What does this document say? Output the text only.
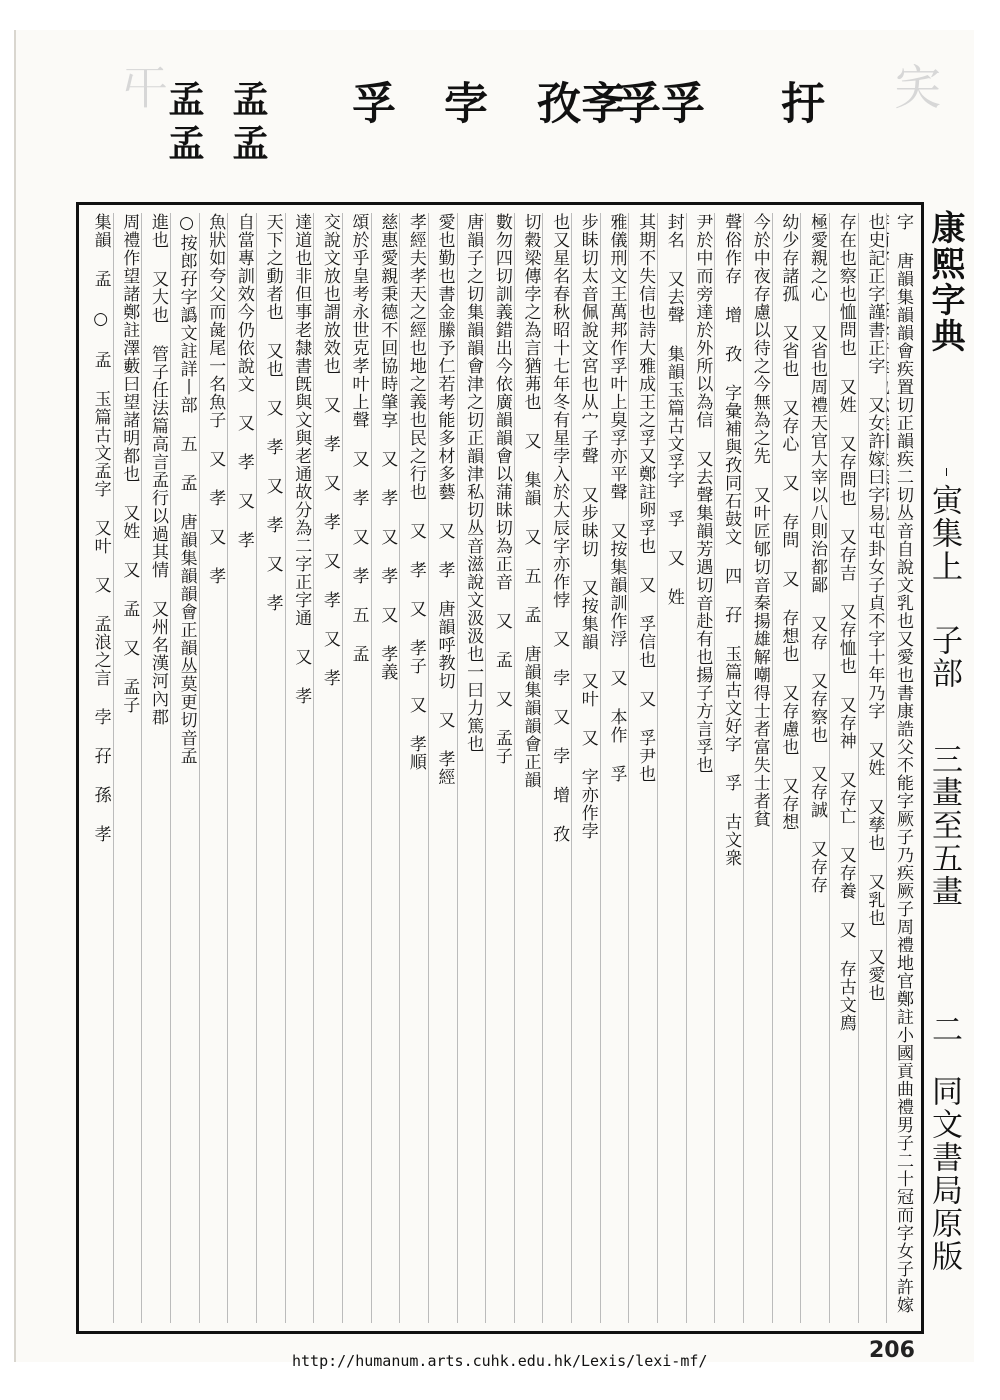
𡕒	宎
孟孟 孟孟 孚 孛	斈孜	孚孚	扜
字 唐韻集韻韻會疾置切正韻疾二切丛音自說文乳也又愛也書康誥父不能字厥子乃疾厥子周禮地官鄭註小國貢曲禮男子二十冠而字女子許嫁
也史記正字謹書正字 又女許嫁曰字易屯卦女子貞不字十年乃字 又姓 又孳也 又乳也 又愛也
存在也察也恤問也 又姓 又存問也 又存吉 又存恤也 又存神 又存亡 又存養 又 存古文廌
極愛親之心 又省也周禮天官大宰以八則治都鄙 又存 又存察也 又存誠 又存存
幼少存諸孤 又省也 又存心 又 存問 又 存想也 又存慮也 又存想
今於中夜存慮以待之今無為之先 又叶匠郇切音秦揚雄解嘲得士者富失士者貧
聲俗作存 增 孜 字彙補與孜同石鼓文 四 孖 玉篇古文好字 孚 古文衆
尹於中而旁達於外所以為信 又去聲集韻芳遇切音赴有也揚子方言孚也
封名 又去聲 集韻玉篇古文孚字 孚 又 姓
其期不失信也詩大雅成王之孚又鄭註卵孚也 又 孚信也 又 孚尹也
雅儀刑文王萬邦作孚叶上臭孚亦平聲 又按集韻訓作浮 又 本作 孚
步眛切太音佩說文宮也从宀子聲 又步昧切 又按集韻 又叶 又 字亦作孛
也又星名春秋昭十七年冬有星孛入於大辰字亦作悖 又 孛 又 孛 增 孜
切穀梁傳孛之為言猶茀也 又 集韻 又 五 孟 唐韻集韻韻會正韻
數勿四切訓義錯出今依廣韻韻會以蒲昧切為正音 又 孟 又 孟子
唐韻子之切集韻韻會津之切正韻津私切丛音滋說文汲汲也一曰力篤也
愛也勤也書金縢予仁若考能多材多藝 又 孝 唐韻呼教切 又 孝經
孝經夫孝天之經也地之義也民之行也 又 孝 又 孝子 又 孝順
慈惠愛親秉德不回協時肇享 又 孝 又 孝 又 孝義
頌於乎皇考永世克孝叶上聲 又 孝 又 孝 五 孟
交說文放也謂放效也 又 孝 又 孝 又 孝 又 孝
達道也非但事老隸書旣與文與老通故分為二字正字通 又 孝
天下之動者也 又也 又 孝 又 孝 又 孝
自當專訓效今仍依說文 又 孝 又 孝
魚狀如夸父而彘尾一名魚子 又 孝 又 孝
○按郎孖字譌文註詳丨部 五 孟 唐韻集韻韻會正韻丛莫更切音孟
進也 又大也 管子任法篇高言孟行以過其情 又州名漢河內郡
周禮作望諸鄭註澤藪曰望諸明都也 又姓 又 孟 又 孟子
集韻 孟 ○ 孟 玉篇古文孟字 又叶 又 孟浪之言 孛 孖 孫 孝	康熙字典
寅集上
子部
三畫至五畫
二
同文書局原版
http://humanum.arts.cuhk.edu.hk/Lexis/lexi-mf/	206
